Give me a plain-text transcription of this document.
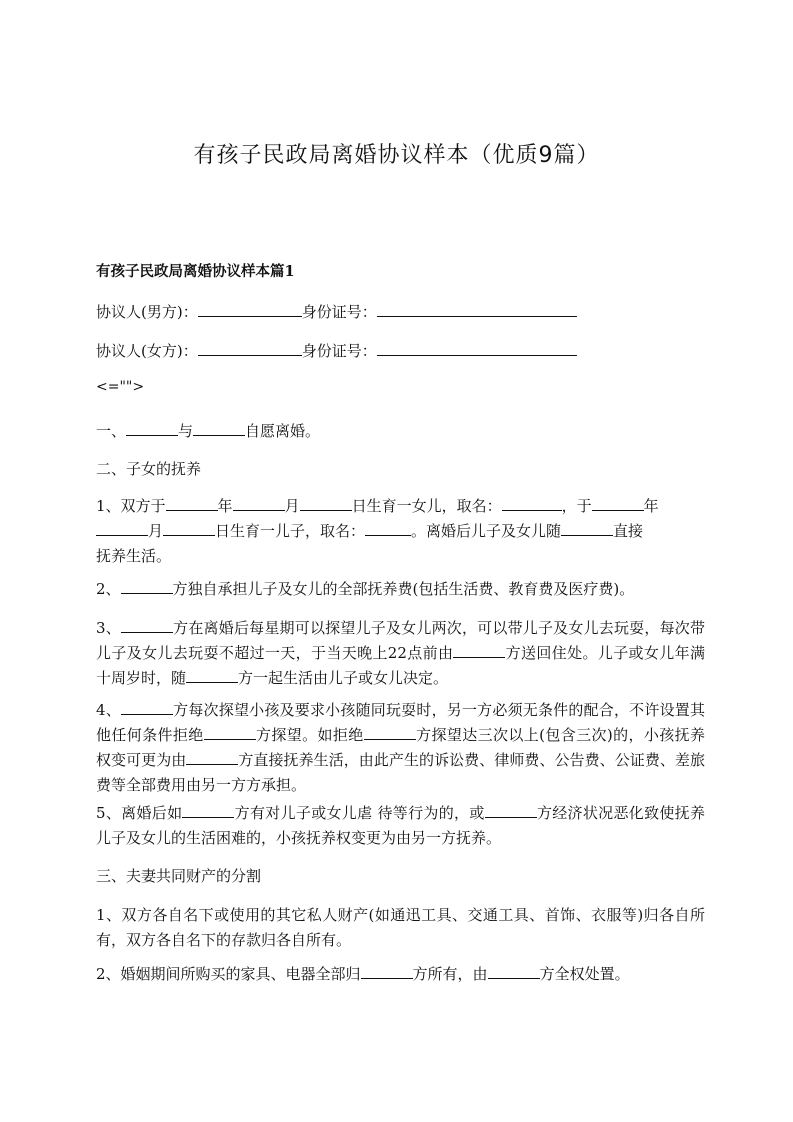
有孩子民政局离婚协议样本（优质9篇）
有孩子民政局离婚协议样本篇1

协议人(男方)：	身份证号：

协议人(女方)：	身份证号：

<="">

一、	与	自愿离婚。

二、子女的抚养

1、双方于	年	月	日生育一女儿，取名：	，于	年
月	日生育一儿子，取名：	。离婚后儿子及女儿随	直接
抚养生活。

2、	方独自承担儿子及女儿的全部抚养费(包括生活费、教育费及医疗费)。

3、	方在离婚后每星期可以探望儿子及女儿两次，可以带儿子及女儿去玩耍，每次带儿子及女儿去玩耍不超过一天，于当天晚上22点前由	方送回住处。儿子或女儿年满十周岁时，随	方一起生活由儿子或女儿决定。
4、	方每次探望小孩及要求小孩随同玩耍时，另一方必须无条件的配合，不许设置其他任何条件拒绝	方探望。如拒绝	方探望达三次以上(包含三次)的，小孩抚养权变可更为由	方直接抚养生活，由此产生的诉讼费、律师费、公告费、公证费、差旅费等全部费用由另一方方承担。
5、离婚后如	方有对儿子或女儿虐 待等行为的，或	方经济状况恶化致使抚养儿子及女儿的生活困难的，小孩抚养权变更为由另一方抚养。

三、夫妻共同财产的分割

1、双方各自名下或使用的其它私人财产(如通迅工具、交通工具、首饰、衣服等)归各自所有，双方各自名下的存款归各自所有。

2、婚姻期间所购买的家具、电器全部归	方所有，由	方全权处置。
